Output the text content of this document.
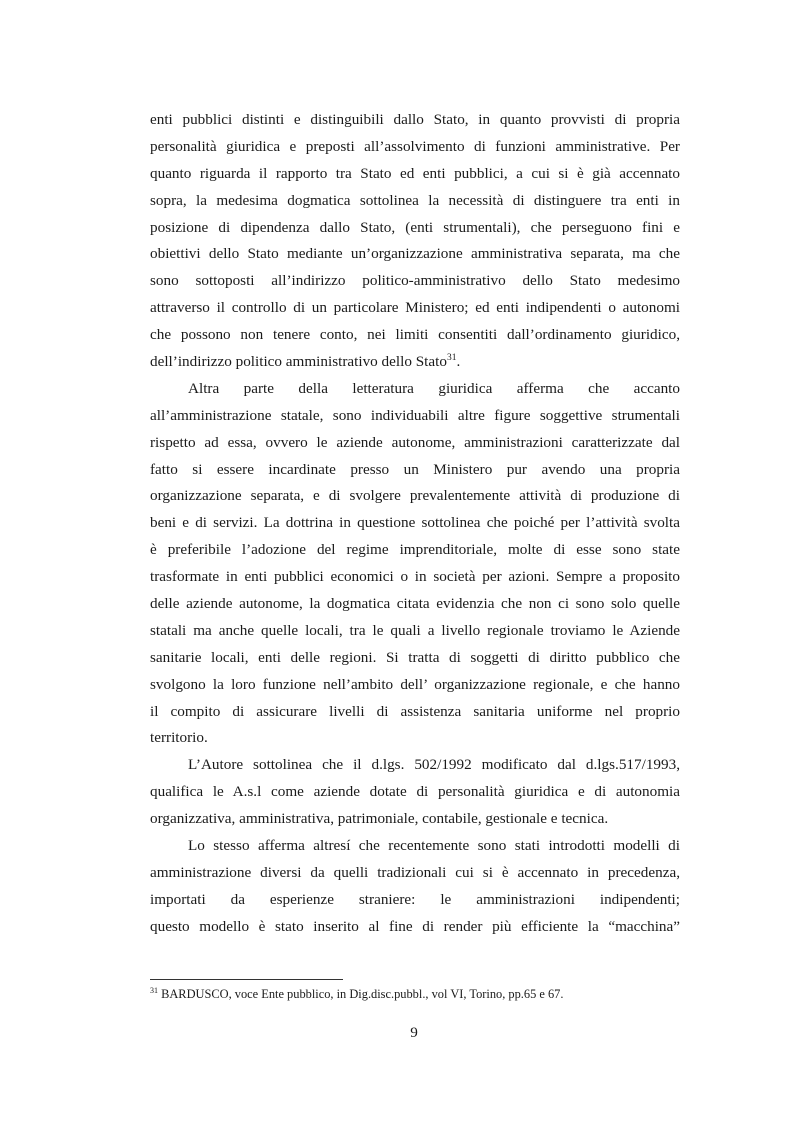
enti pubblici distinti e distinguibili dallo Stato, in quanto provvisti di propria
personalità giuridica e preposti all’assolvimento di funzioni amministrative. Per
quanto riguarda il rapporto tra Stato ed enti pubblici, a cui si è già accennato
sopra, la medesima dogmatica sottolinea la necessità di distinguere tra enti in
posizione di dipendenza dallo Stato, (enti strumentali), che perseguono fini e
obiettivi dello Stato mediante un’organizzazione amministrativa separata, ma che
sono sottoposti all’indirizzo politico-amministrativo dello Stato medesimo
attraverso il controllo di un particolare Ministero; ed enti indipendenti o autonomi
che possono non tenere conto, nei limiti consentiti dall’ordinamento giuridico,
dell’indirizzo politico amministrativo dello Stato$^{31}$.
Altra parte della letteratura giuridica afferma che accanto
all’amministrazione statale, sono individuabili altre figure soggettive strumentali
rispetto ad essa, ovvero le aziende autonome, amministrazioni caratterizzate dal
fatto si essere incardinate presso un Ministero pur avendo una propria
organizzazione separata, e di svolgere prevalentemente attività di produzione di
beni e di servizi. La dottrina in questione sottolinea che poiché per l’attività svolta
è preferibile l’adozione del regime imprenditoriale, molte di esse sono state
trasformate in enti pubblici economici o in società per azioni. Sempre a proposito
delle aziende autonome, la dogmatica citata evidenzia che non ci sono solo quelle
statali ma anche quelle locali, tra le quali a livello regionale troviamo le Aziende
sanitarie locali, enti delle regioni. Si tratta di soggetti di diritto pubblico che
svolgono la loro funzione nell’ambito dell’ organizzazione regionale, e che hanno
il compito di assicurare livelli di assistenza sanitaria uniforme nel proprio
territorio.
L’Autore sottolinea che il d.lgs. 502/1992 modificato dal d.lgs.517/1993,
qualifica le A.s.l come aziende dotate di personalità giuridica e di autonomia
organizzativa, amministrativa, patrimoniale, contabile, gestionale e tecnica.
Lo stesso afferma altresí che recentemente sono stati introdotti modelli di
amministrazione diversi da quelli tradizionali cui si è accennato in precedenza,
importati da esperienze straniere: le amministrazioni indipendenti;
questo modello è stato inserito al fine di render più efficiente la “macchina”
$^{31}$ BARDUSCO, voce Ente pubblico, in Dig.disc.pubbl., vol VI, Torino, pp.65 e 67.
9
